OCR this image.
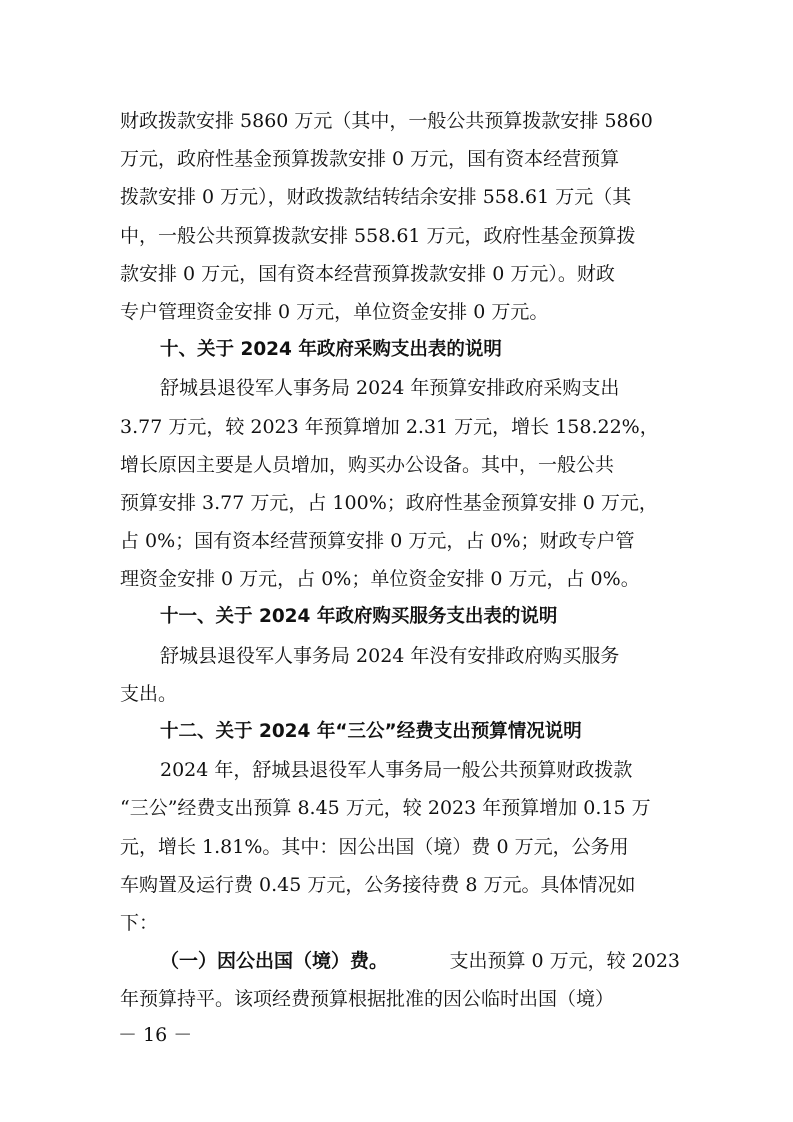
财政拨款安排 5860 万元（其中，一般公共预算拨款安排 5860
万元，政府性基金预算拨款安排 0 万元，国有资本经营预算
拨款安排 0 万元），财政拨款结转结余安排 558.61 万元（其
中，一般公共预算拨款安排 558.61 万元，政府性基金预算拨
款安排 0 万元，国有资本经营预算拨款安排 0 万元）。财政
专户管理资金安排 0 万元，单位资金安排 0 万元。
十、关于 2024 年政府采购支出表的说明
舒城县退役军人事务局 2024 年预算安排政府采购支出
3.77 万元，较 2023 年预算增加 2.31 万元，增长 158.22%，
增长原因主要是人员增加，购买办公设备。其中，一般公共
预算安排 3.77 万元，占 100%；政府性基金预算安排 0 万元，
占 0%；国有资本经营预算安排 0 万元，占 0%；财政专户管
理资金安排 0 万元，占 0%；单位资金安排 0 万元，占 0%。
十一、关于 2024 年政府购买服务支出表的说明
舒城县退役军人事务局 2024 年没有安排政府购买服务
支出。
十二、关于 2024 年“三公”经费支出预算情况说明
2024 年，舒城县退役军人事务局一般公共预算财政拨款
“三公”经费支出预算 8.45 万元，较 2023 年预算增加 0.15 万
元，增长 1.81%。其中：因公出国（境）费 0 万元，公务用
车购置及运行费 0.45 万元，公务接待费 8 万元。具体情况如
下：
（一）因公出国（境）费。	支出预算 0 万元，较 2023
年预算持平。该项经费预算根据批准的因公临时出国（境）
－ 16 －
